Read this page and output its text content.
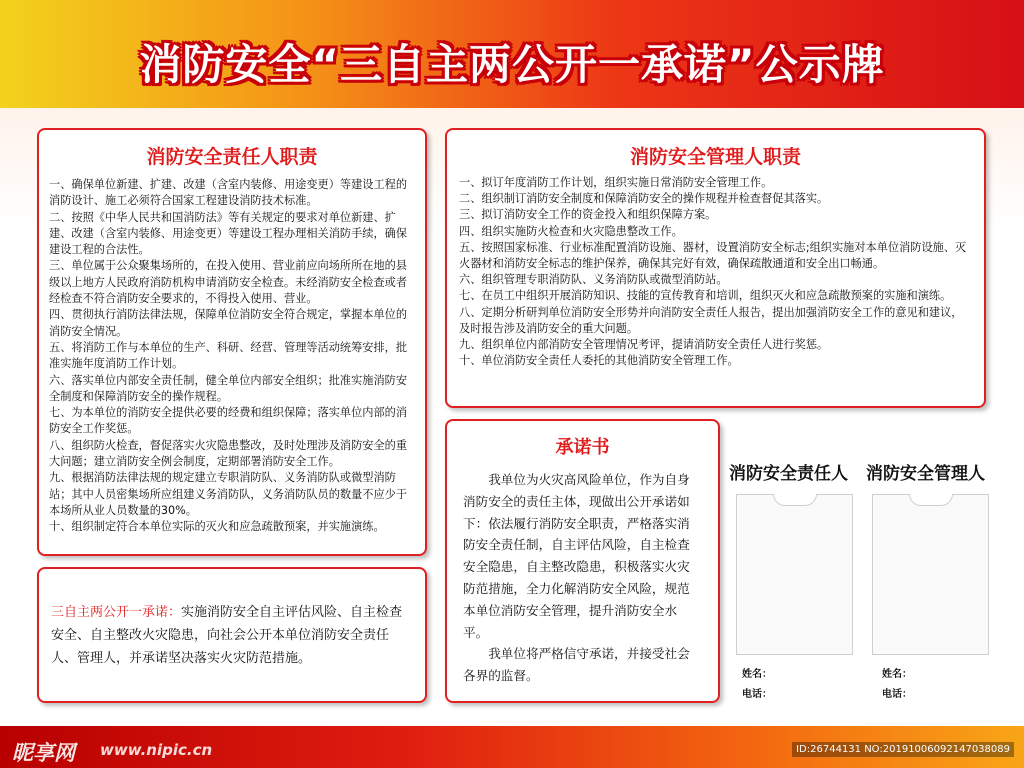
消防安全“三自主两公开一承诺”公示牌
消防安全责任人职责

一、确保单位新建、扩建、改建（含室内装修、用途变更）等建设工程的消防设计、施工必须符合国家工程建设消防技术标准。

二、按照《中华人民共和国消防法》等有关规定的要求对单位新建、扩建、改建（含室内装修、用途变更）等建设工程办理相关消防手续，确保建设工程的合法性。

三、单位属于公众聚集场所的，在投入使用、营业前应向场所所在地的县级以上地方人民政府消防机构申请消防安全检查。未经消防安全检查或者经检查不符合消防安全要求的，不得投入使用、营业。

四、贯彻执行消防法律法规，保障单位消防安全符合规定，掌握本单位的消防安全情况。

五、将消防工作与本单位的生产、科研、经营、管理等活动统筹安排，批准实施年度消防工作计划。

六、落实单位内部安全责任制，健全单位内部安全组织；批准实施消防安全制度和保障消防安全的操作规程。

七、为本单位的消防安全提供必要的经费和组织保障；落实单位内部的消防安全工作奖惩。

八、组织防火检查，督促落实火灾隐患整改，及时处理涉及消防安全的重大问题；建立消防安全例会制度，定期部署消防安全工作。

九、根据消防法律法规的规定建立专职消防队、义务消防队或微型消防站；其中人员密集场所应组建义务消防队，义务消防队员的数量不应少于本场所从业人员数量的30%。

十、组织制定符合本单位实际的灭火和应急疏散预案，并实施演练。

消防安全管理人职责

一、拟订年度消防工作计划，组织实施日常消防安全管理工作。

二、组织制订消防安全制度和保障消防安全的操作规程并检查督促其落实。

三、拟订消防安全工作的资金投入和组织保障方案。

四、组织实施防火检查和火灾隐患整改工作。

五、按照国家标准、行业标准配置消防设施、器材，设置消防安全标志;组织实施对本单位消防设施、灭火器材和消防安全标志的维护保养，确保其完好有效，确保疏散通道和安全出口畅通。

六、组织管理专职消防队、义务消防队或微型消防站。

七、在员工中组织开展消防知识、技能的宣传教育和培训，组织灭火和应急疏散预案的实施和演练。

八、定期分析研判单位消防安全形势并向消防安全责任人报告，提出加强消防安全工作的意见和建议，及时报告涉及消防安全的重大问题。

九、组织单位内部消防安全管理情况考评，提请消防安全责任人进行奖惩。

十、单位消防安全责任人委托的其他消防安全管理工作。

三自主两公开一承诺：实施消防安全自主评估风险、自主检查安全、自主整改火灾隐患，向社会公开本单位消防安全责任人、管理人，并承诺坚决落实火灾防范措施。
承诺书

我单位为火灾高风险单位，作为自身消防安全的责任主体，现做出公开承诺如下：依法履行消防安全职责，严格落实消防安全责任制，自主评估风险，自主检查安全隐患，自主整改隐患，积极落实火灾防范措施，全力化解消防安全风险，规范本单位消防安全管理，提升消防安全水平。

我单位将严格信守承诺，并接受社会各界的监督。

消防安全责任人 消防安全管理人
姓名：
电话：
姓名：
电话：
昵享网 www.nipic.cn	ID:26744131 NO:20191006092147038089
